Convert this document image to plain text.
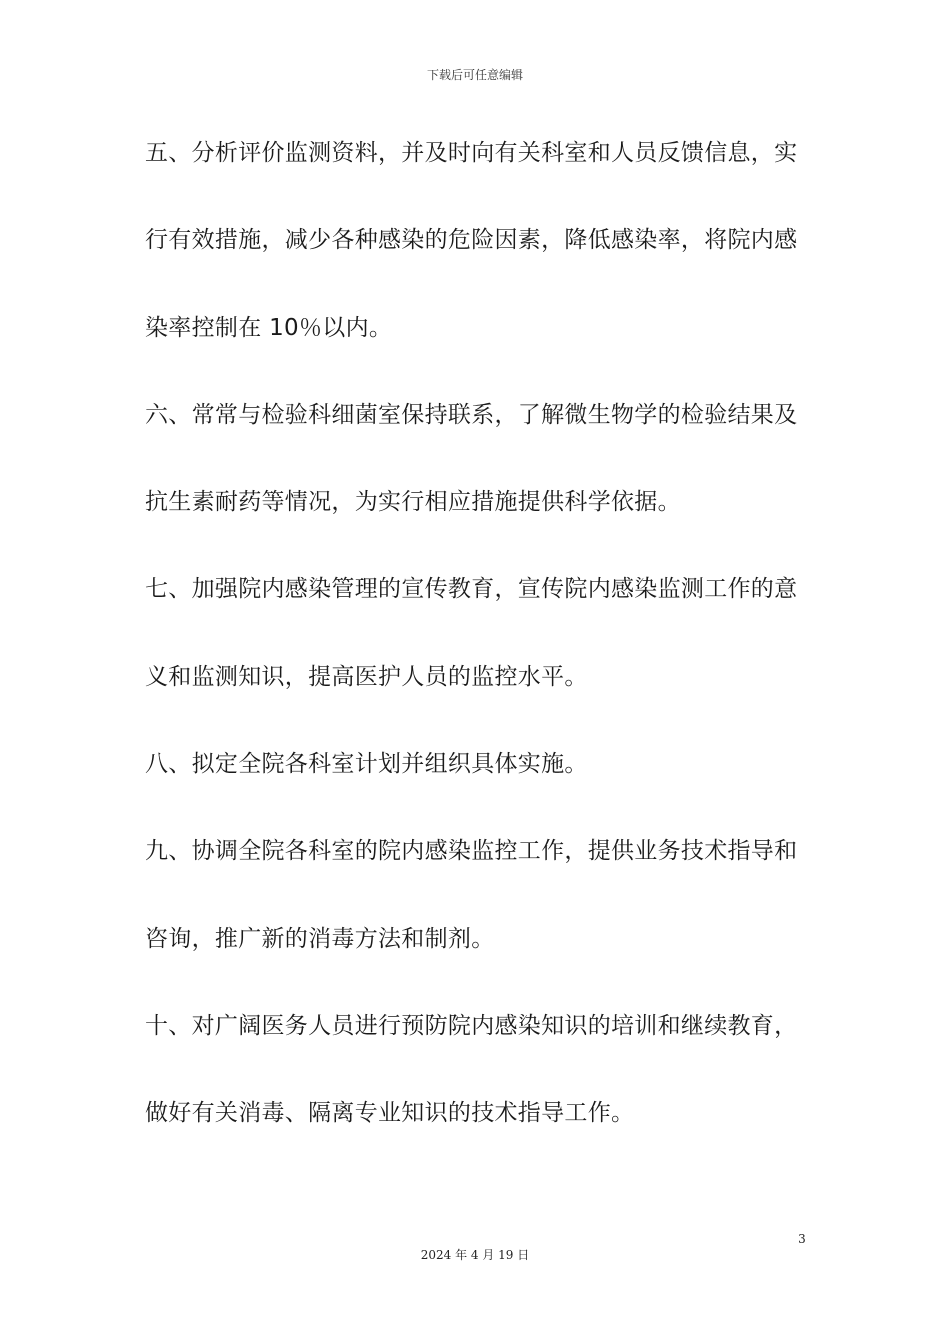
下载后可任意编辑
五、分析评价监测资料，并及时向有关科室和人员反馈信息，实
行有效措施，减少各种感染的危险因素，降低感染率，将院内感
染率控制在 10％以内。
六、常常与检验科细菌室保持联系，了解微生物学的检验结果及
抗生素耐药等情况，为实行相应措施提供科学依据。
七、加强院内感染管理的宣传教育，宣传院内感染监测工作的意
义和监测知识，提高医护人员的监控水平。
八、拟定全院各科室计划并组织具体实施。
九、协调全院各科室的院内感染监控工作，提供业务技术指导和
咨询，推广新的消毒方法和制剂。
十、对广阔医务人员进行预防院内感染知识的培训和继续教育，
做好有关消毒、隔离专业知识的技术指导工作。
3
2024 年 4 月 19 日
